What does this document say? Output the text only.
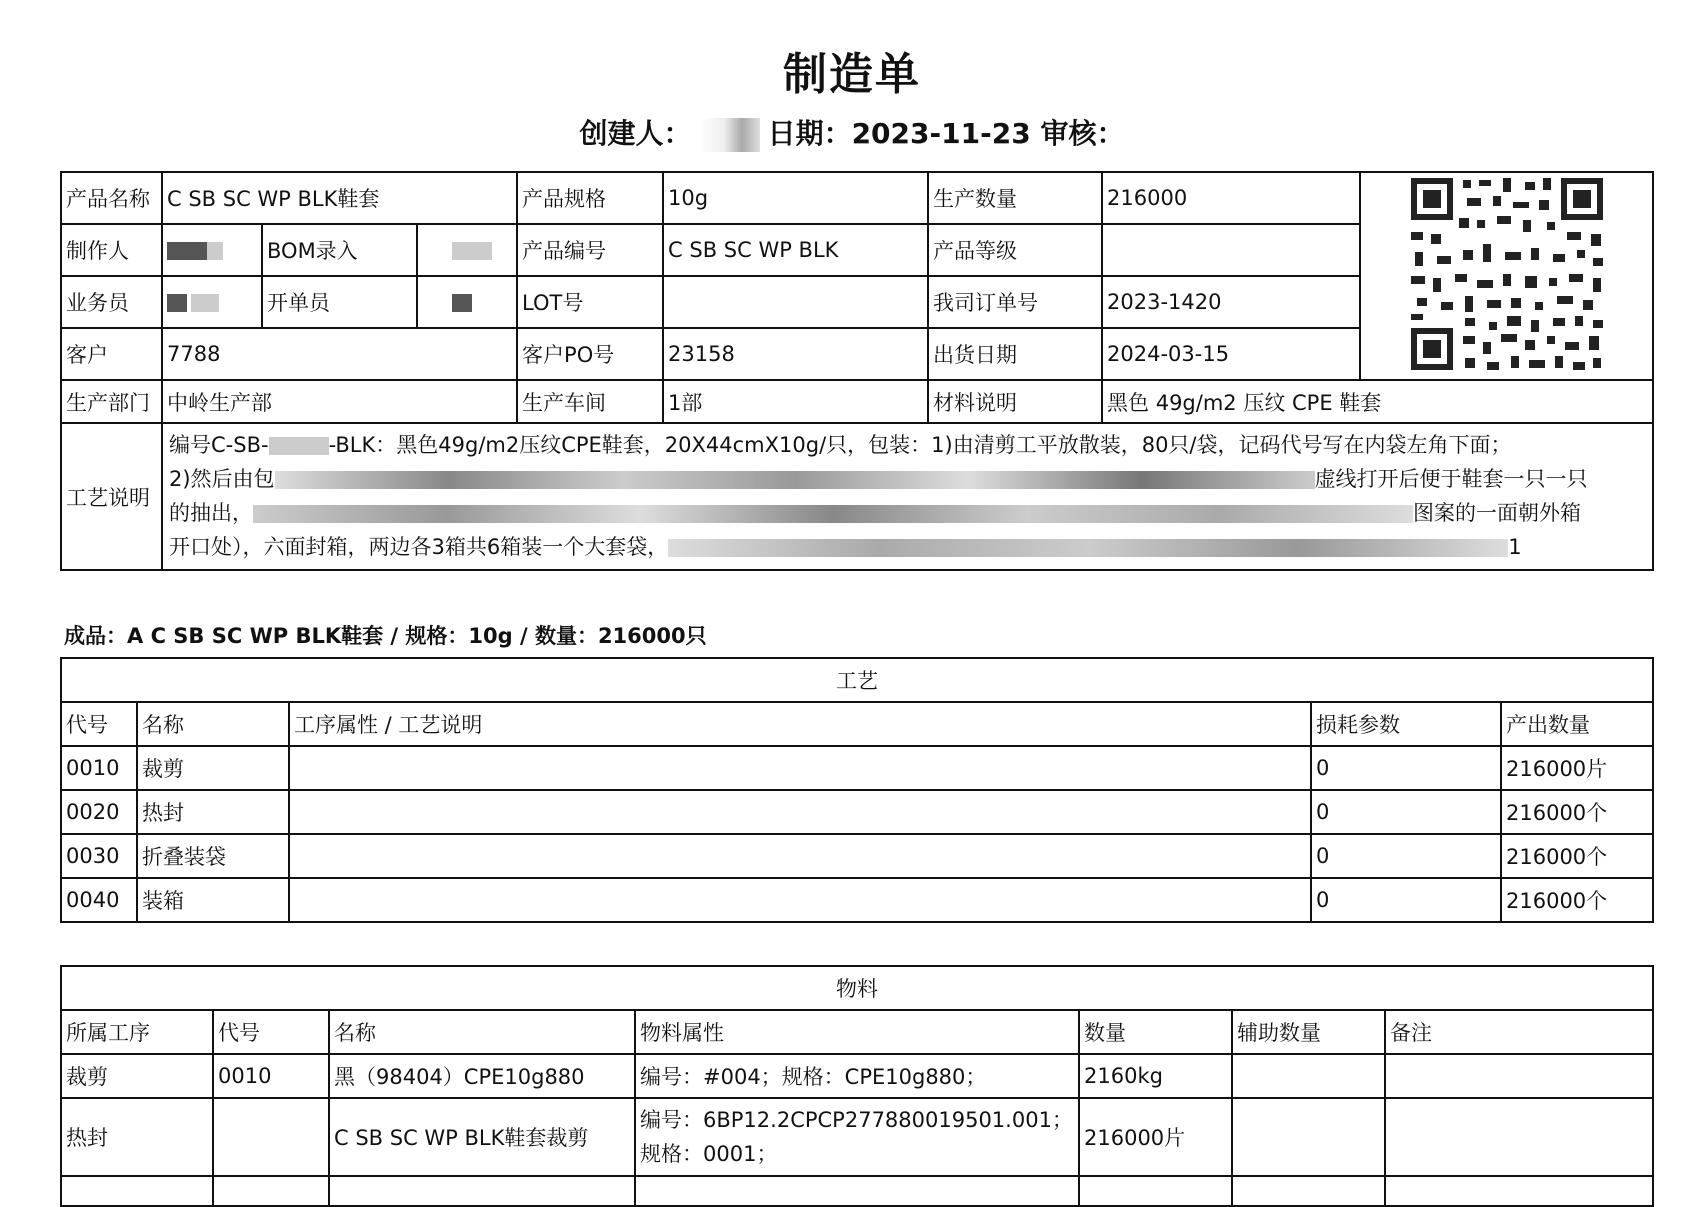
制造单
创建人：	日期：2023-11-23 审核：
产品名称	C SB SC WP BLK鞋套			产品规格	10g	生产数量	216000	
制作人		BOM录入		产品编号	C SB SC WP BLK	产品等级		
业务员		开单员		LOT号		我司订单号	2023-1420	
客户	7788			客户PO号	23158	出货日期	2024-03-15	
生产部门	中岭生产部			生产车间	1部	材料说明	黑色 49g/m2 压纹 CPE 鞋套	
工艺说明	编号C-SB- -BLK：黑色49g/m2压纹CPE鞋套，20X44cmX10g/只，包装：1)由清剪工平放散装，80只/袋，记码代号写在内袋左角下面；
2)然后由包 虚线打开后便于鞋套一只一只
的抽出， 图案的一面朝外箱
开口处），六面封箱，两边各3箱共6箱装一个大套袋， 1							
成品：A C SB SC WP BLK鞋套 / 规格：10g / 数量：216000只
工艺				
代号	名称	工序属性 / 工艺说明	损耗参数	产出数量
0010	裁剪		0	216000片
0020	热封		0	216000个
0030	折叠装袋		0	216000个
0040	装箱		0	216000个
物料						
所属工序	代号	名称	物料属性	数量	辅助数量	备注
裁剪	0010	黑（98404）CPE10g880	编号：#004；规格：CPE10g880；	2160kg		
热封		C SB SC WP BLK鞋套裁剪	编号：6BP12.2CPCP277880019501.001；规格：0001；	216000片		
